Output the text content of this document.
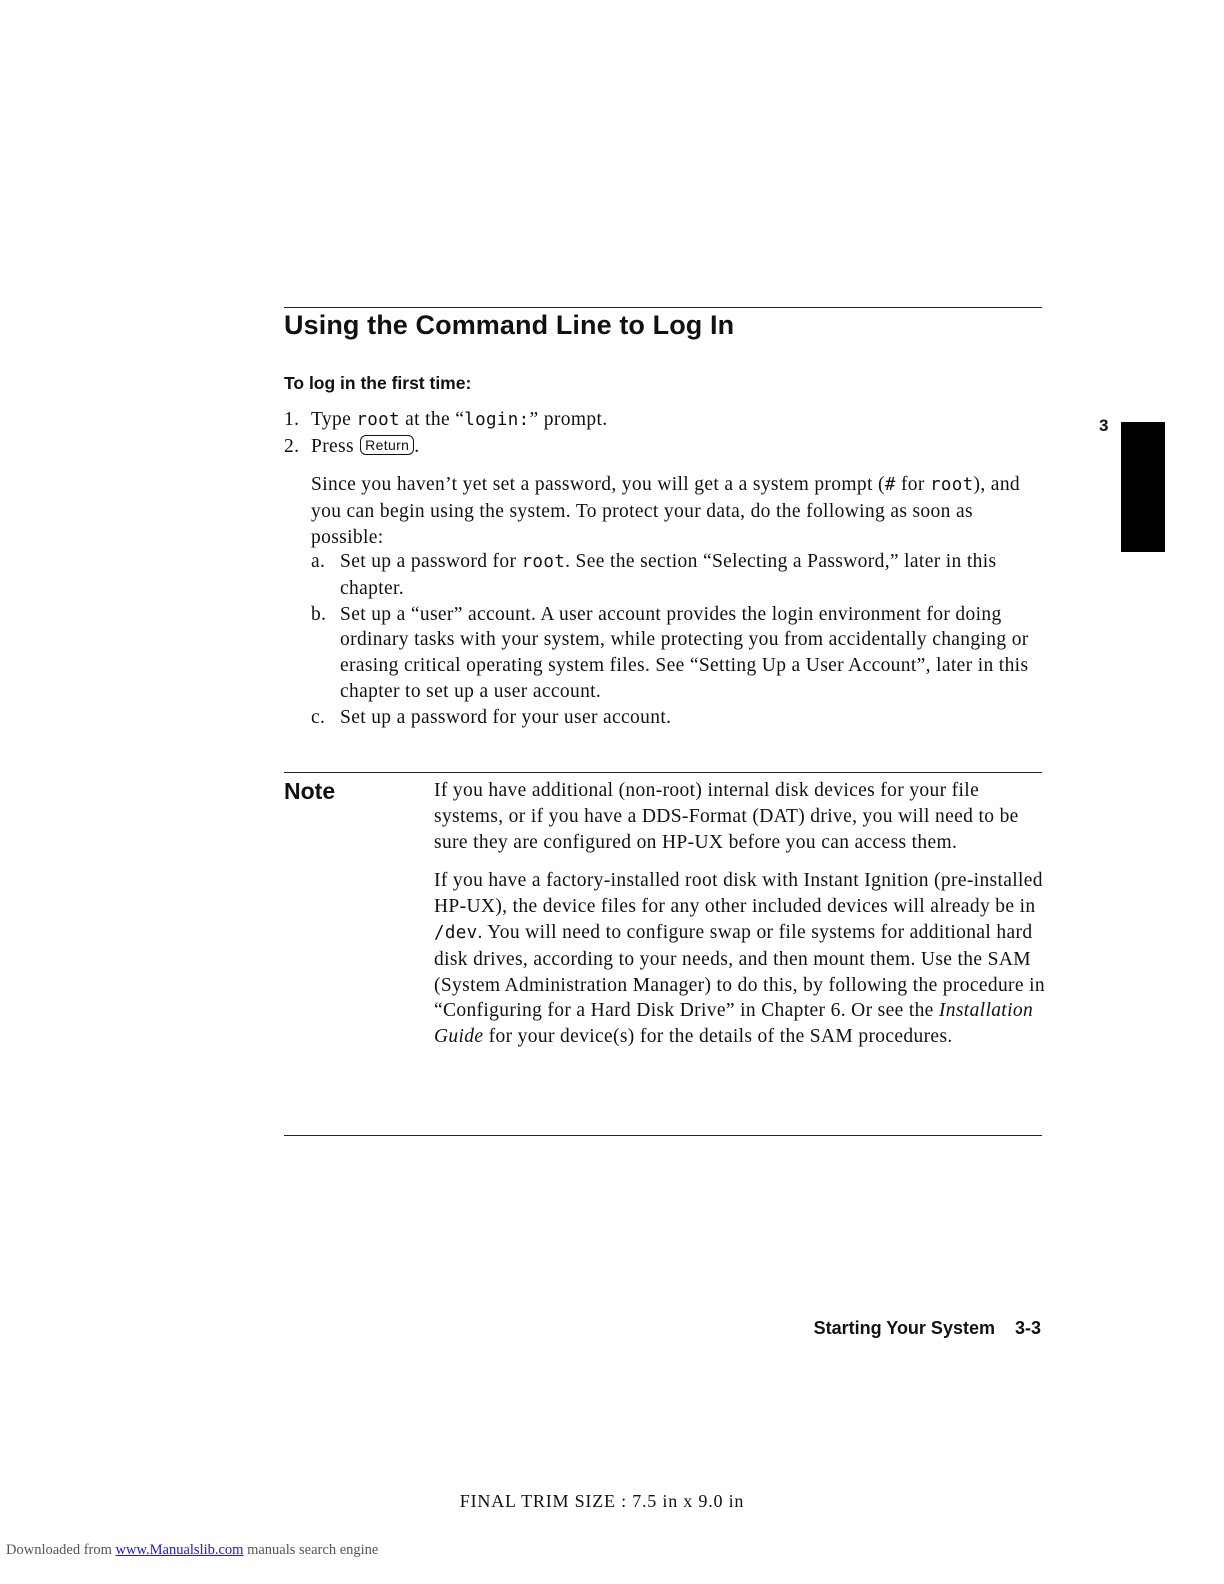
Using the Command Line to Log In
To log in the first time:
1. Type root at the “login:” prompt.
2. Press Return .
Since you haven’t yet set a password, you will get a a system prompt (# for root), and you can begin using the system. To protect your data, do the following as soon as possible:
a. Set up a password for root. See the section “Selecting a Password,” later in this chapter.
b. Set up a “user” account. A user account provides the login environment for doing ordinary tasks with your system, while protecting you from accidentally changing or erasing critical operating system files. See “Setting Up a User Account”, later in this chapter to set up a user account.
c. Set up a password for your user account.
Note	If you have additional (non-root) internal disk devices for your file systems, or if you have a DDS-Format (DAT) drive, you will need to be sure they are configured on HP-UX before you can access them.

If you have a factory-installed root disk with Instant Ignition (pre-installed HP-UX), the device files for any other included devices will already be in /dev. You will need to configure swap or file systems for additional hard disk drives, according to your needs, and then mount them. Use the SAM (System Administration Manager) to do this, by following the procedure in “Configuring for a Hard Disk Drive” in Chapter 6. Or see the Installation Guide for your device(s) for the details of the SAM procedures.

3
Starting Your System 3-3
FINAL TRIM SIZE : 7.5 in x 9.0 in
Downloaded from www.Manualslib.com manuals search engine
